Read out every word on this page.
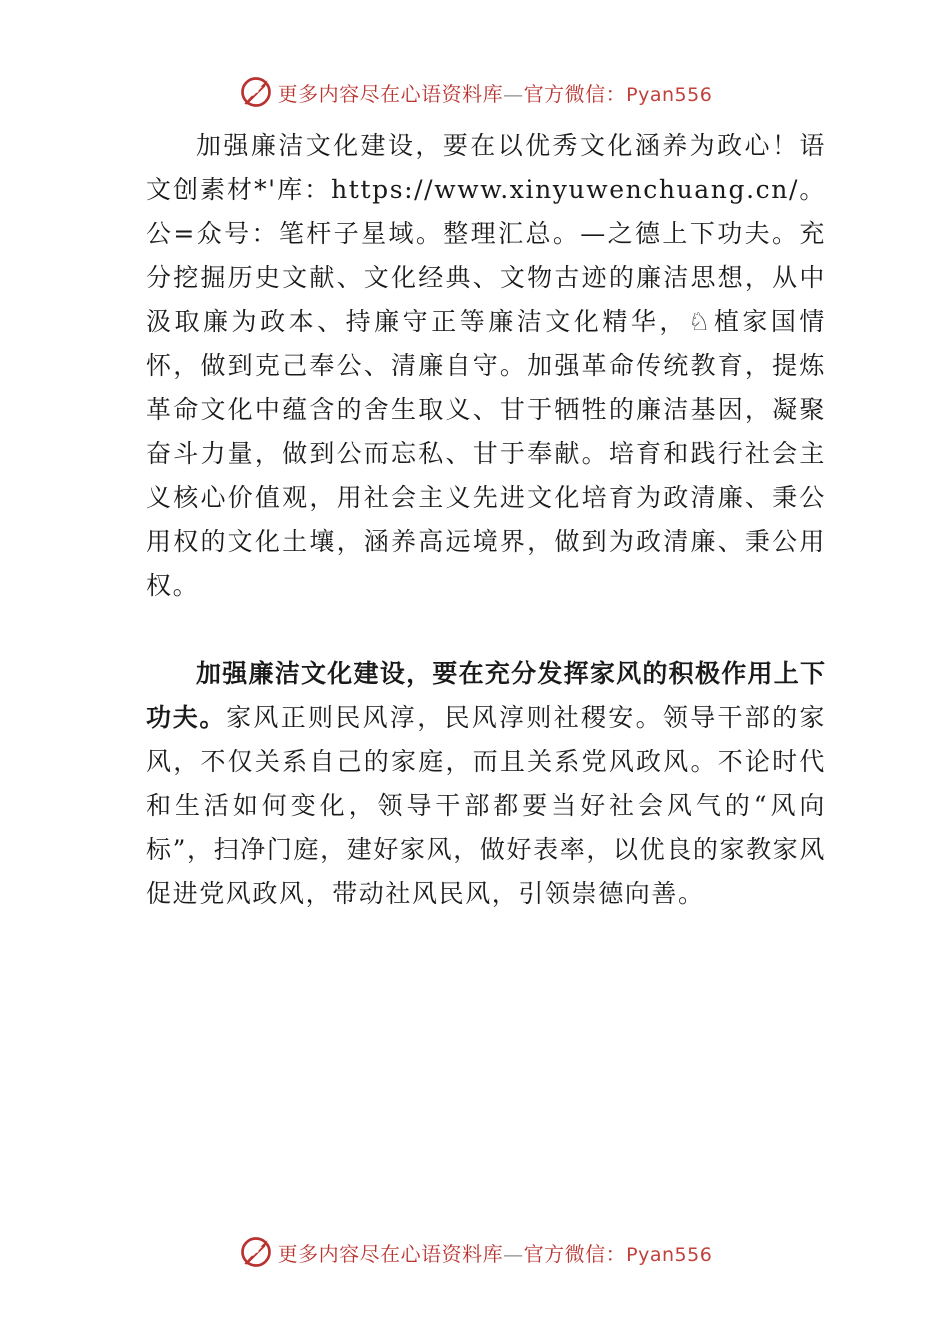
更多内容尽在心语资料库—官方微信：Pyan556

加强廉洁文化建设，要在以优秀文化涵养为政心！语文创素材*'库：https://www.xinyuwenchuang.cn/。公=众号：笔杆子星域。整理汇总。—之德上下功夫。充分挖掘历史文献、文化经典、文物古迹的廉洁思想，从中汲取廉为政本、持廉守正等廉洁文化精华，♘植家国情怀，做到克己奉公、清廉自守。加强革命传统教育，提炼革命文化中蕴含的舍生取义、甘于牺牲的廉洁基因，凝聚奋斗力量，做到公而忘私、甘于奉献。培育和践行社会主义核心价值观，用社会主义先进文化培育为政清廉、秉公用权的文化土壤，涵养高远境界，做到为政清廉、秉公用权。

加强廉洁文化建设，要在充分发挥家风的积极作用上下功夫。家风正则民风淳，民风淳则社稷安。领导干部的家风，不仅关系自己的家庭，而且关系党风政风。不论时代和生活如何变化，领导干部都要当好社会风气的“风向标”，扫净门庭，建好家风，做好表率，以优良的家教家风促进党风政风，带动社风民风，引领崇德向善。

更多内容尽在心语资料库—官方微信：Pyan556
